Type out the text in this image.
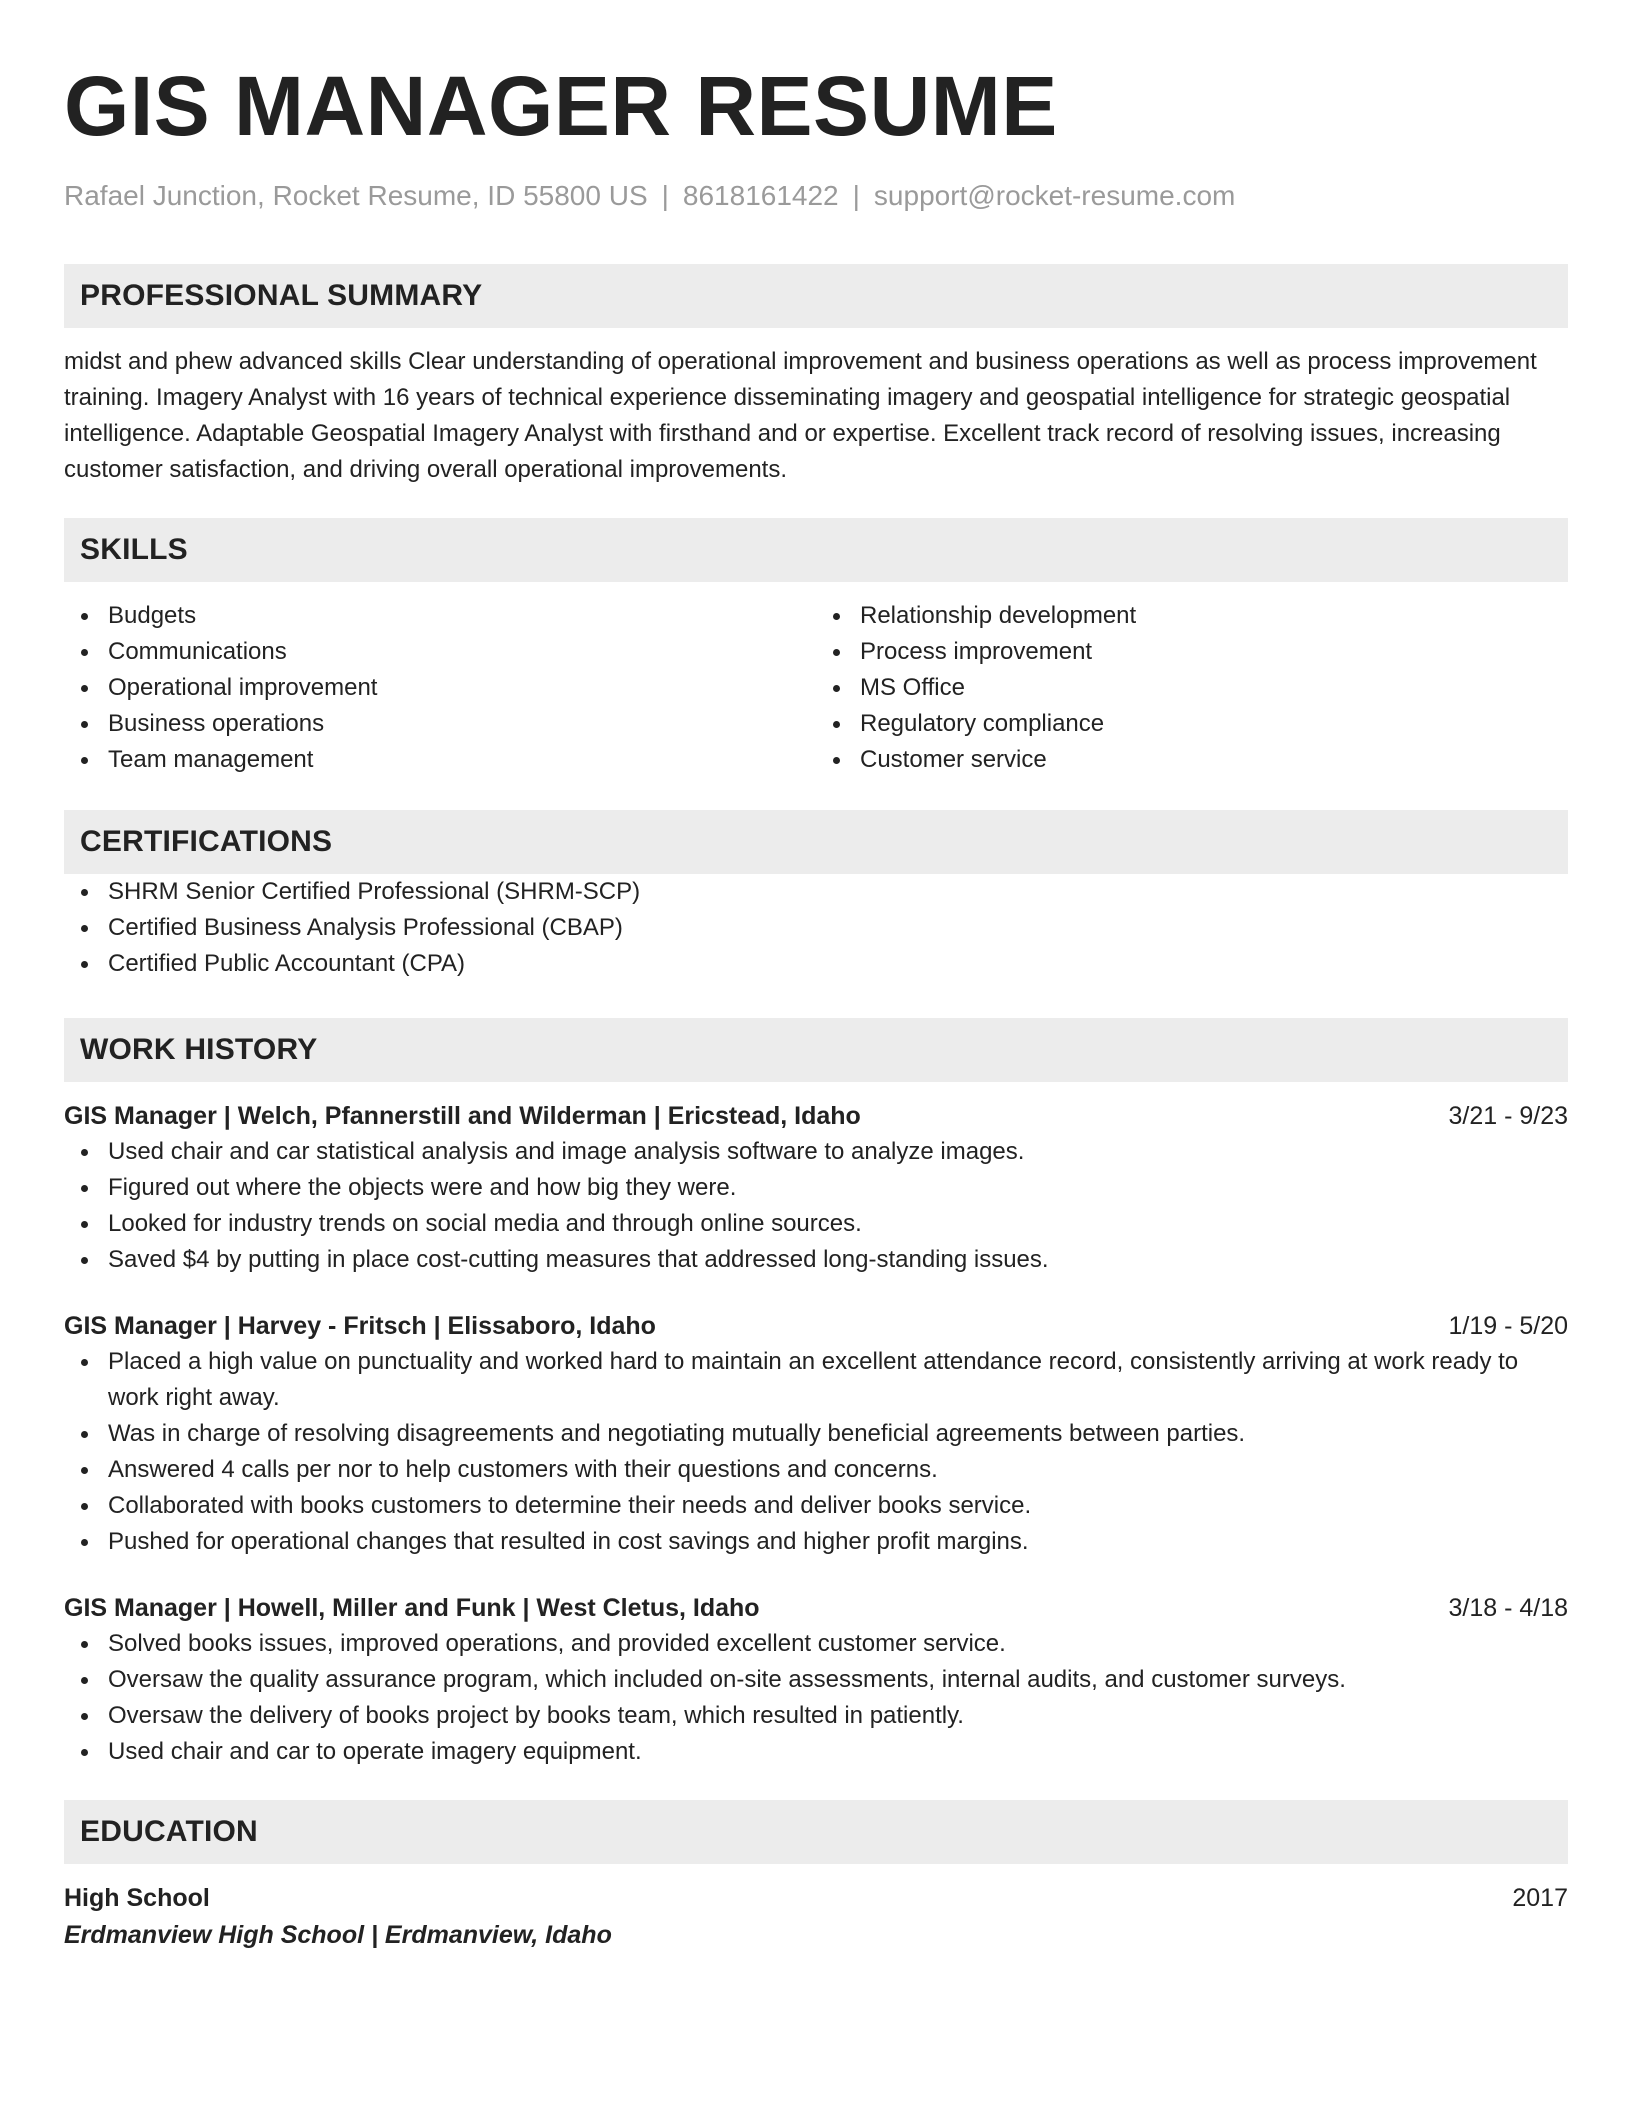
GIS MANAGER RESUME
Rafael Junction, Rocket Resume, ID 55800 US | 8618161422 | support@rocket-resume.com
PROFESSIONAL SUMMARY
midst and phew advanced skills Clear understanding of operational improvement and business operations as well as process improvement training. Imagery Analyst with 16 years of technical experience disseminating imagery and geospatial intelligence for strategic geospatial intelligence. Adaptable Geospatial Imagery Analyst with firsthand and or expertise. Excellent track record of resolving issues, increasing customer satisfaction, and driving overall operational improvements.
SKILLS
Budgets
Communications
Operational improvement
Business operations
Team management
Relationship development
Process improvement
MS Office
Regulatory compliance
Customer service
CERTIFICATIONS
SHRM Senior Certified Professional (SHRM-SCP)
Certified Business Analysis Professional (CBAP)
Certified Public Accountant (CPA)
WORK HISTORY
GIS Manager | Welch, Pfannerstill and Wilderman | Ericstead, Idaho	3/21 - 9/23
Used chair and car statistical analysis and image analysis software to analyze images.
Figured out where the objects were and how big they were.
Looked for industry trends on social media and through online sources.
Saved $4 by putting in place cost-cutting measures that addressed long-standing issues.
GIS Manager | Harvey - Fritsch | Elissaboro, Idaho	1/19 - 5/20
Placed a high value on punctuality and worked hard to maintain an excellent attendance record, consistently arriving at work ready to work right away.
Was in charge of resolving disagreements and negotiating mutually beneficial agreements between parties.
Answered 4 calls per nor to help customers with their questions and concerns.
Collaborated with books customers to determine their needs and deliver books service.
Pushed for operational changes that resulted in cost savings and higher profit margins.
GIS Manager | Howell, Miller and Funk | West Cletus, Idaho	3/18 - 4/18
Solved books issues, improved operations, and provided excellent customer service.
Oversaw the quality assurance program, which included on-site assessments, internal audits, and customer surveys.
Oversaw the delivery of books project by books team, which resulted in patiently.
Used chair and car to operate imagery equipment.
EDUCATION
High School	2017
Erdmanview High School | Erdmanview, Idaho
